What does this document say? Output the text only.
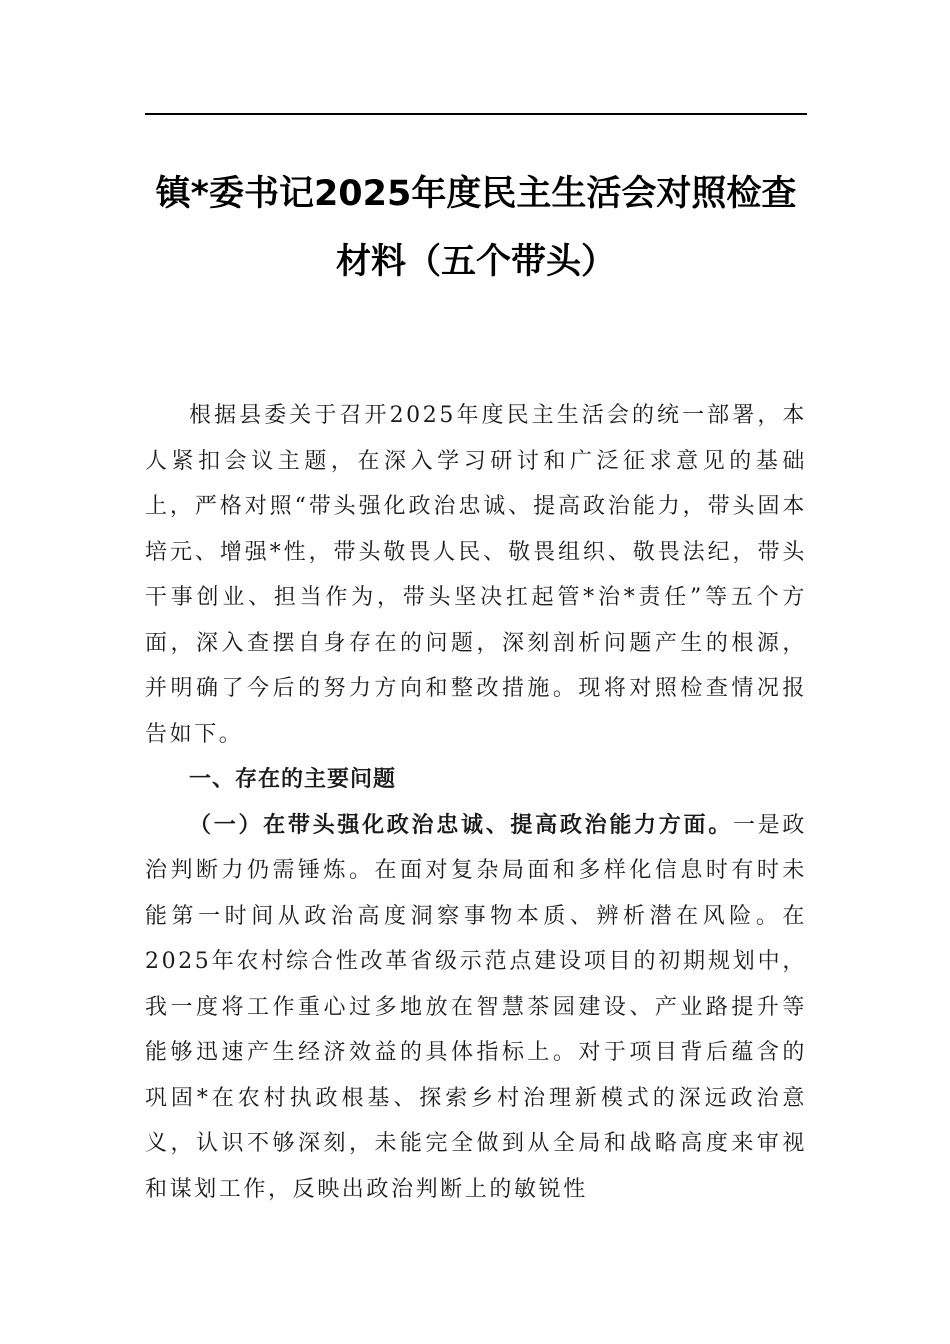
镇*委书记2025年度民主生活会对照检查
材料（五个带头）

根据县委关于召开2025年度民主生活会的统一部署，本人紧扣会议主题，在深入学习研讨和广泛征求意见的基础上，严格对照“带头强化政治忠诚、提高政治能力，带头固本培元、增强*性，带头敬畏人民、敬畏组织、敬畏法纪，带头干事创业、担当作为，带头坚决扛起管*治*责任”等五个方面，深入查摆自身存在的问题，深刻剖析问题产生的根源，并明确了今后的努力方向和整改措施。现将对照检查情况报告如下。

一、存在的主要问题

（一）在带头强化政治忠诚、提高政治能力方面。一是政治判断力仍需锤炼。在面对复杂局面和多样化信息时有时未能第一时间从政治高度洞察事物本质、辨析潜在风险。在2025年农村综合性改革省级示范点建设项目的初期规划中，我一度将工作重心过多地放在智慧茶园建设、产业路提升等能够迅速产生经济效益的具体指标上。对于项目背后蕴含的巩固*在农村执政根基、探索乡村治理新模式的深远政治意义，认识不够深刻，未能完全做到从全局和战略高度来审视和谋划工作，反映出政治判断上的敏锐性
